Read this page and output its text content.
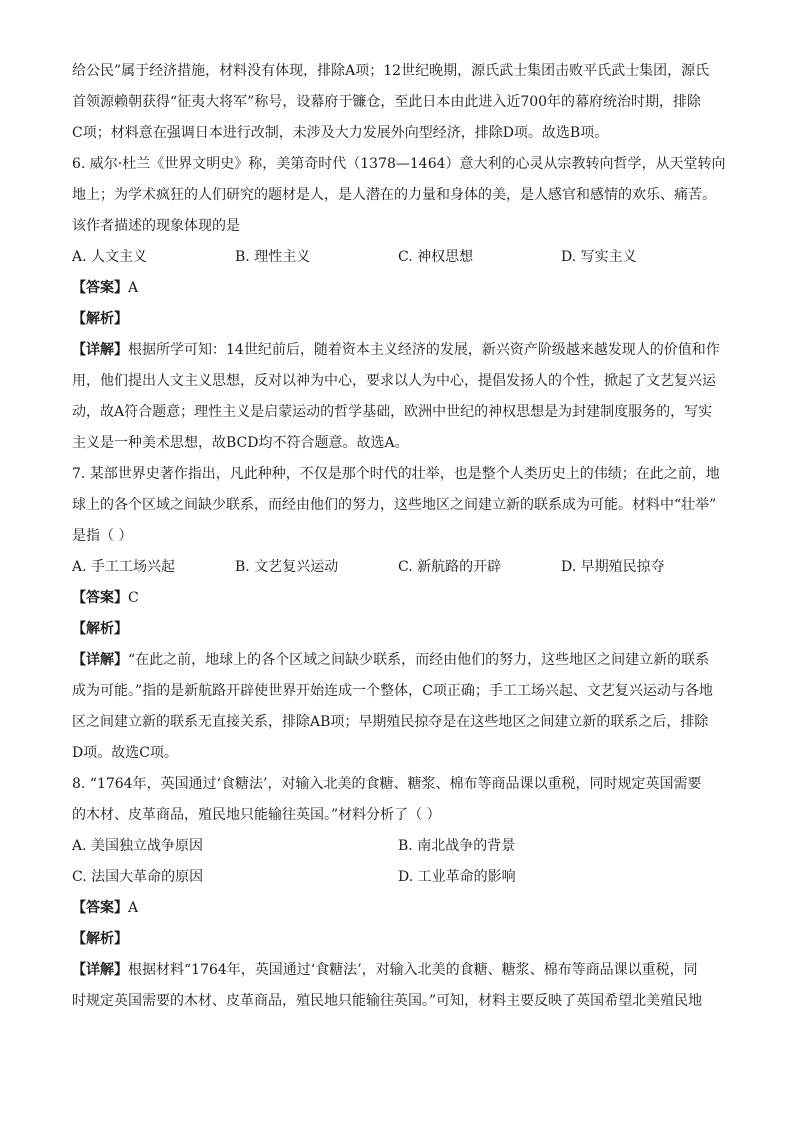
给公民”属于经济措施，材料没有体现，排除A项；12世纪晚期，源氏武士集团击败平氏武士集团，源氏
首领源赖朝获得“征夷大将军”称号，设幕府于镰仓，至此日本由此进入近700年的幕府统治时期，排除
C项；材料意在强调日本进行改制，未涉及大力发展外向型经济，排除D项。故选B项。
6. 威尔·杜兰《世界文明史》称，美第奇时代（1378—1464）意大利的心灵从宗教转向哲学，从天堂转向
地上；为学术疯狂的人们研究的题材是人，是人潜在的力量和身体的美，是人感官和感情的欢乐、痛苦。
该作者描述的现象体现的是
A. 人文主义	B. 理性主义	C. 神权思想	D. 写实主义
【答案】A
【解析】
【详解】根据所学可知：14世纪前后，随着资本主义经济的发展，新兴资产阶级越来越发现人的价值和作
用，他们提出人文主义思想，反对以神为中心，要求以人为中心，提倡发扬人的个性，掀起了文艺复兴运
动，故A符合题意；理性主义是启蒙运动的哲学基础，欧洲中世纪的神权思想是为封建制度服务的，写实
主义是一种美术思想，故BCD均不符合题意。故选A。
7. 某部世界史著作指出，凡此种种，不仅是那个时代的壮举，也是整个人类历史上的伟绩；在此之前，地
球上的各个区域之间缺少联系，而经由他们的努力，这些地区之间建立新的联系成为可能。材料中“壮举”
是指（ ）
A. 手工工场兴起	B. 文艺复兴运动	C. 新航路的开辟	D. 早期殖民掠夺
【答案】C
【解析】
【详解】“在此之前，地球上的各个区域之间缺少联系，而经由他们的努力，这些地区之间建立新的联系
成为可能。”指的是新航路开辟使世界开始连成一个整体，C项正确；手工工场兴起、文艺复兴运动与各地
区之间建立新的联系无直接关系，排除AB项；早期殖民掠夺是在这些地区之间建立新的联系之后，排除
D项。故选C项。
8. “1764年，英国通过‘食糖法’，对输入北美的食糖、糖浆、棉布等商品课以重税，同时规定英国需要
的木材、皮革商品，殖民地只能输往英国。”材料分析了（ ）
A. 美国独立战争原因	B. 南北战争的背景
C. 法国大革命的原因	D. 工业革命的影响
【答案】A
【解析】
【详解】根据材料“1764年，英国通过‘食糖法’，对输入北美的食糖、糖浆、棉布等商品课以重税，同
时规定英国需要的木材、皮革商品，殖民地只能输往英国。”可知，材料主要反映了英国希望北美殖民地
